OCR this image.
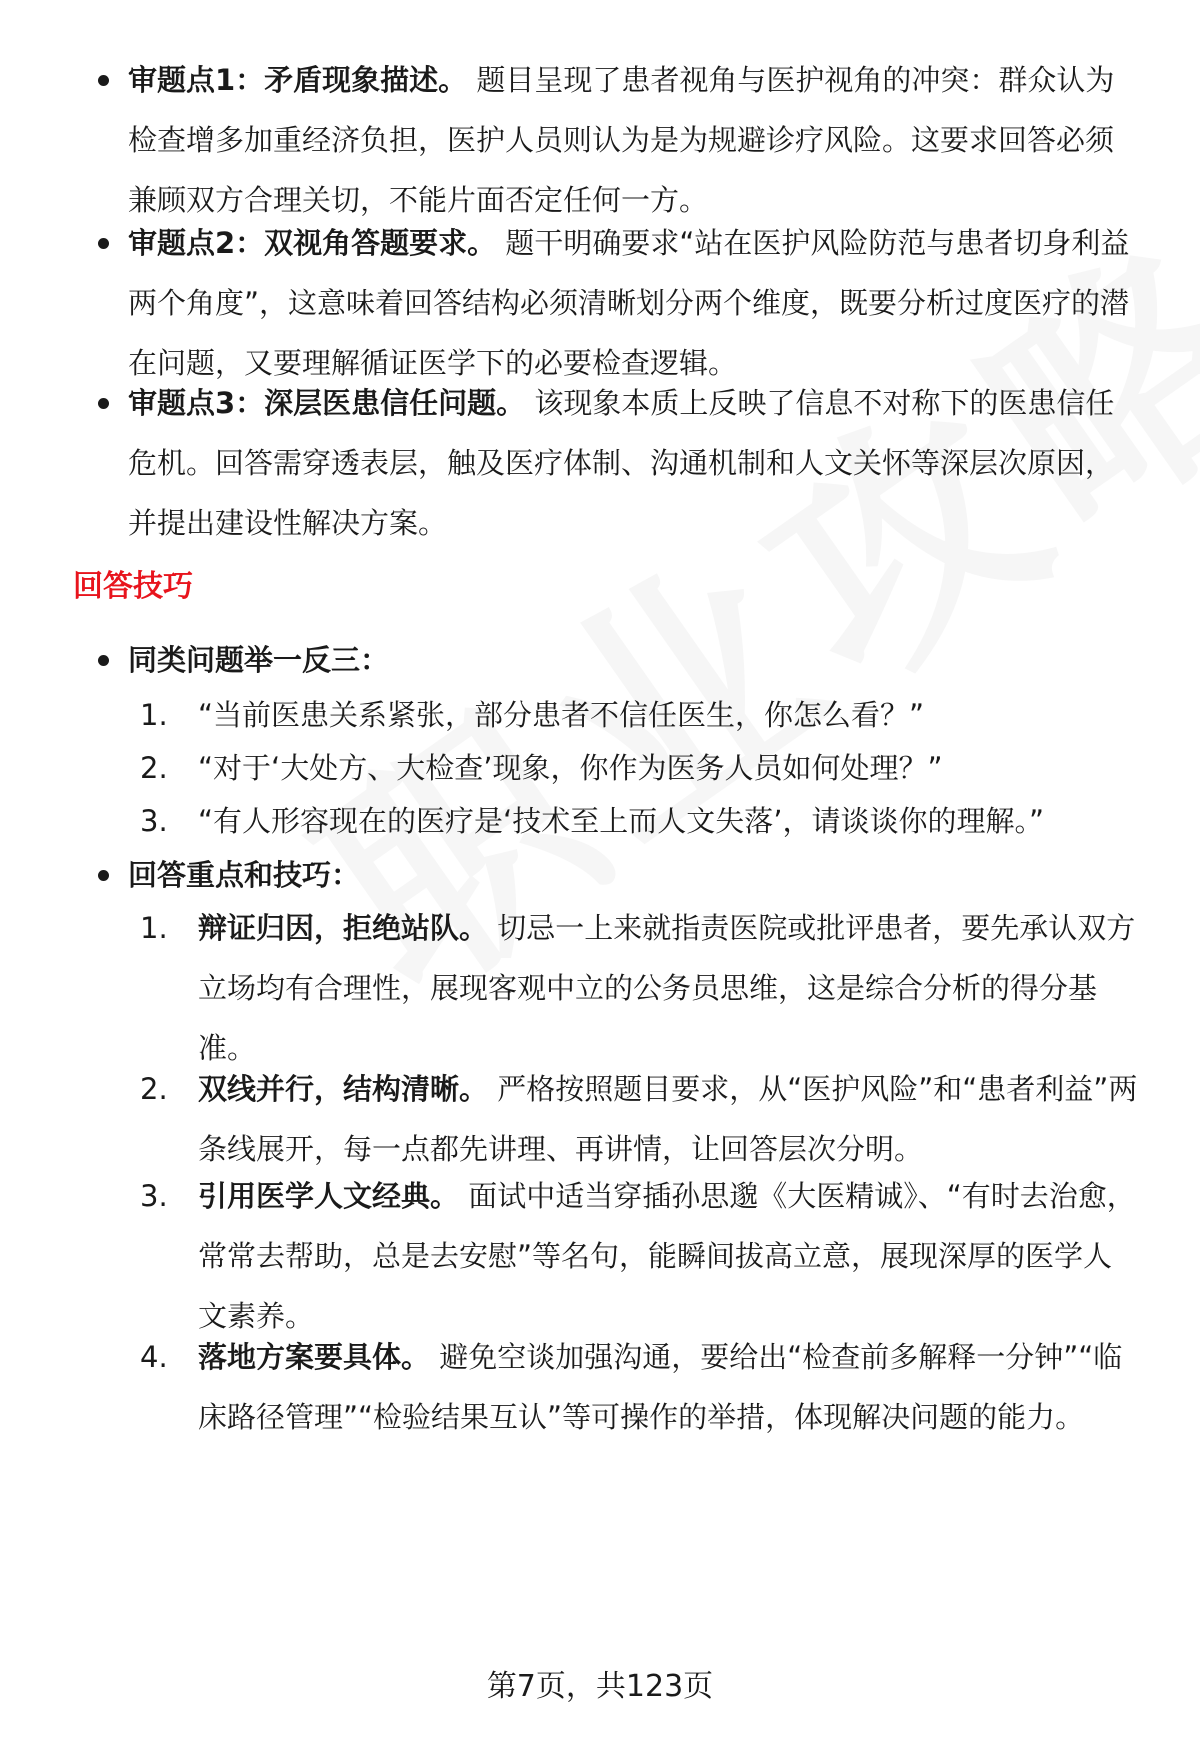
审题点1：矛盾现象描述。 题目呈现了患者视角与医护视角的冲突：群众认为检查增多加重经济负担，医护人员则认为是为规避诊疗风险。这要求回答必须兼顾双方合理关切，不能片面否定任何一方。
审题点2：双视角答题要求。 题干明确要求“站在医护风险防范与患者切身利益两个角度”，这意味着回答结构必须清晰划分两个维度，既要分析过度医疗的潜在问题，又要理解循证医学下的必要检查逻辑。
审题点3：深层医患信任问题。 该现象本质上反映了信息不对称下的医患信任危机。回答需穿透表层，触及医疗体制、沟通机制和人文关怀等深层次原因，并提出建设性解决方案。
回答技巧
同类问题举一反三：
1.	“当前医患关系紧张，部分患者不信任医生，你怎么看？”
2.	“对于‘大处方、大检查’现象，你作为医务人员如何处理？”
3.	“有人形容现在的医疗是‘技术至上而人文失落’，请谈谈你的理解。”
回答重点和技巧：
1.	辩证归因，拒绝站队。 切忌一上来就指责医院或批评患者，要先承认双方立场均有合理性，展现客观中立的公务员思维，这是综合分析的得分基准。
2.	双线并行，结构清晰。 严格按照题目要求，从“医护风险”和“患者利益”两条线展开，每一点都先讲理、再讲情，让回答层次分明。
3.	引用医学人文经典。 面试中适当穿插孙思邈《大医精诚》、“有时去治愈，常常去帮助，总是去安慰”等名句，能瞬间拔高立意，展现深厚的医学人文素养。
4.	落地方案要具体。 避免空谈加强沟通，要给出“检查前多解释一分钟”“临床路径管理”“检验结果互认”等可操作的举措，体现解决问题的能力。
第7页，共123页
